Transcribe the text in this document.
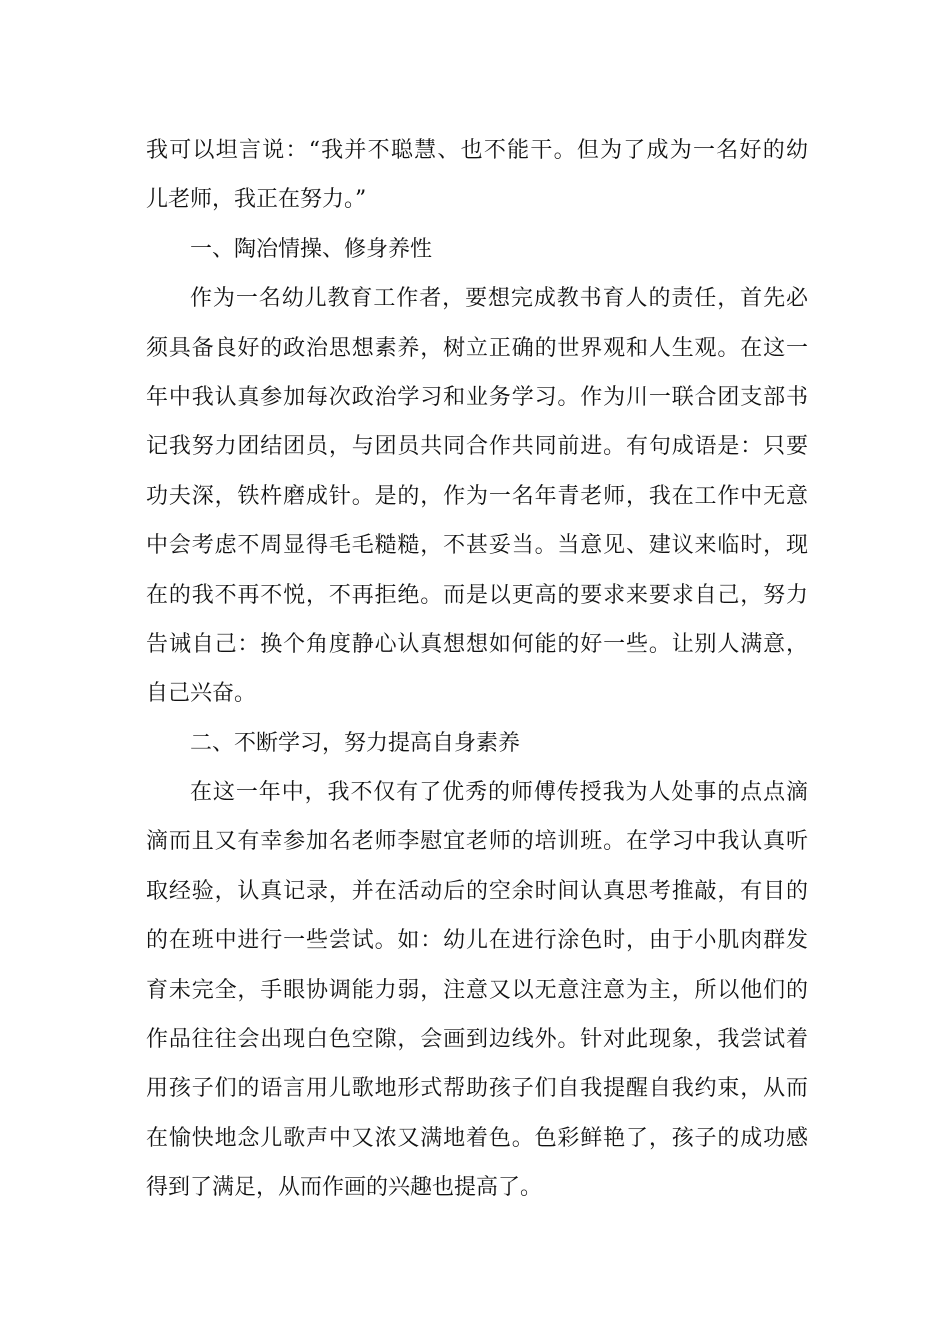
我可以坦言说：“我并不聪慧、也不能干。但为了成为一名好的幼
儿老师，我正在努力。”
一、陶冶情操、修身养性
作为一名幼儿教育工作者，要想完成教书育人的责任，首先必
须具备良好的政治思想素养，树立正确的世界观和人生观。在这一
年中我认真参加每次政治学习和业务学习。作为川一联合团支部书
记我努力团结团员，与团员共同合作共同前进。有句成语是：只要
功夫深，铁杵磨成针。是的，作为一名年青老师，我在工作中无意
中会考虑不周显得毛毛糙糙，不甚妥当。当意见、建议来临时，现
在的我不再不悦，不再拒绝。而是以更高的要求来要求自己，努力
告诫自己：换个角度静心认真想想如何能的好一些。让别人满意，
自己兴奋。
二、不断学习，努力提高自身素养
在这一年中，我不仅有了优秀的师傅传授我为人处事的点点滴
滴而且又有幸参加名老师李慰宜老师的培训班。在学习中我认真听
取经验，认真记录，并在活动后的空余时间认真思考推敲，有目的
的在班中进行一些尝试。如：幼儿在进行涂色时，由于小肌肉群发
育未完全，手眼协调能力弱，注意又以无意注意为主，所以他们的
作品往往会出现白色空隙，会画到边线外。针对此现象，我尝试着
用孩子们的语言用儿歌地形式帮助孩子们自我提醒自我约束，从而
在愉快地念儿歌声中又浓又满地着色。色彩鲜艳了，孩子的成功感
得到了满足，从而作画的兴趣也提高了。
